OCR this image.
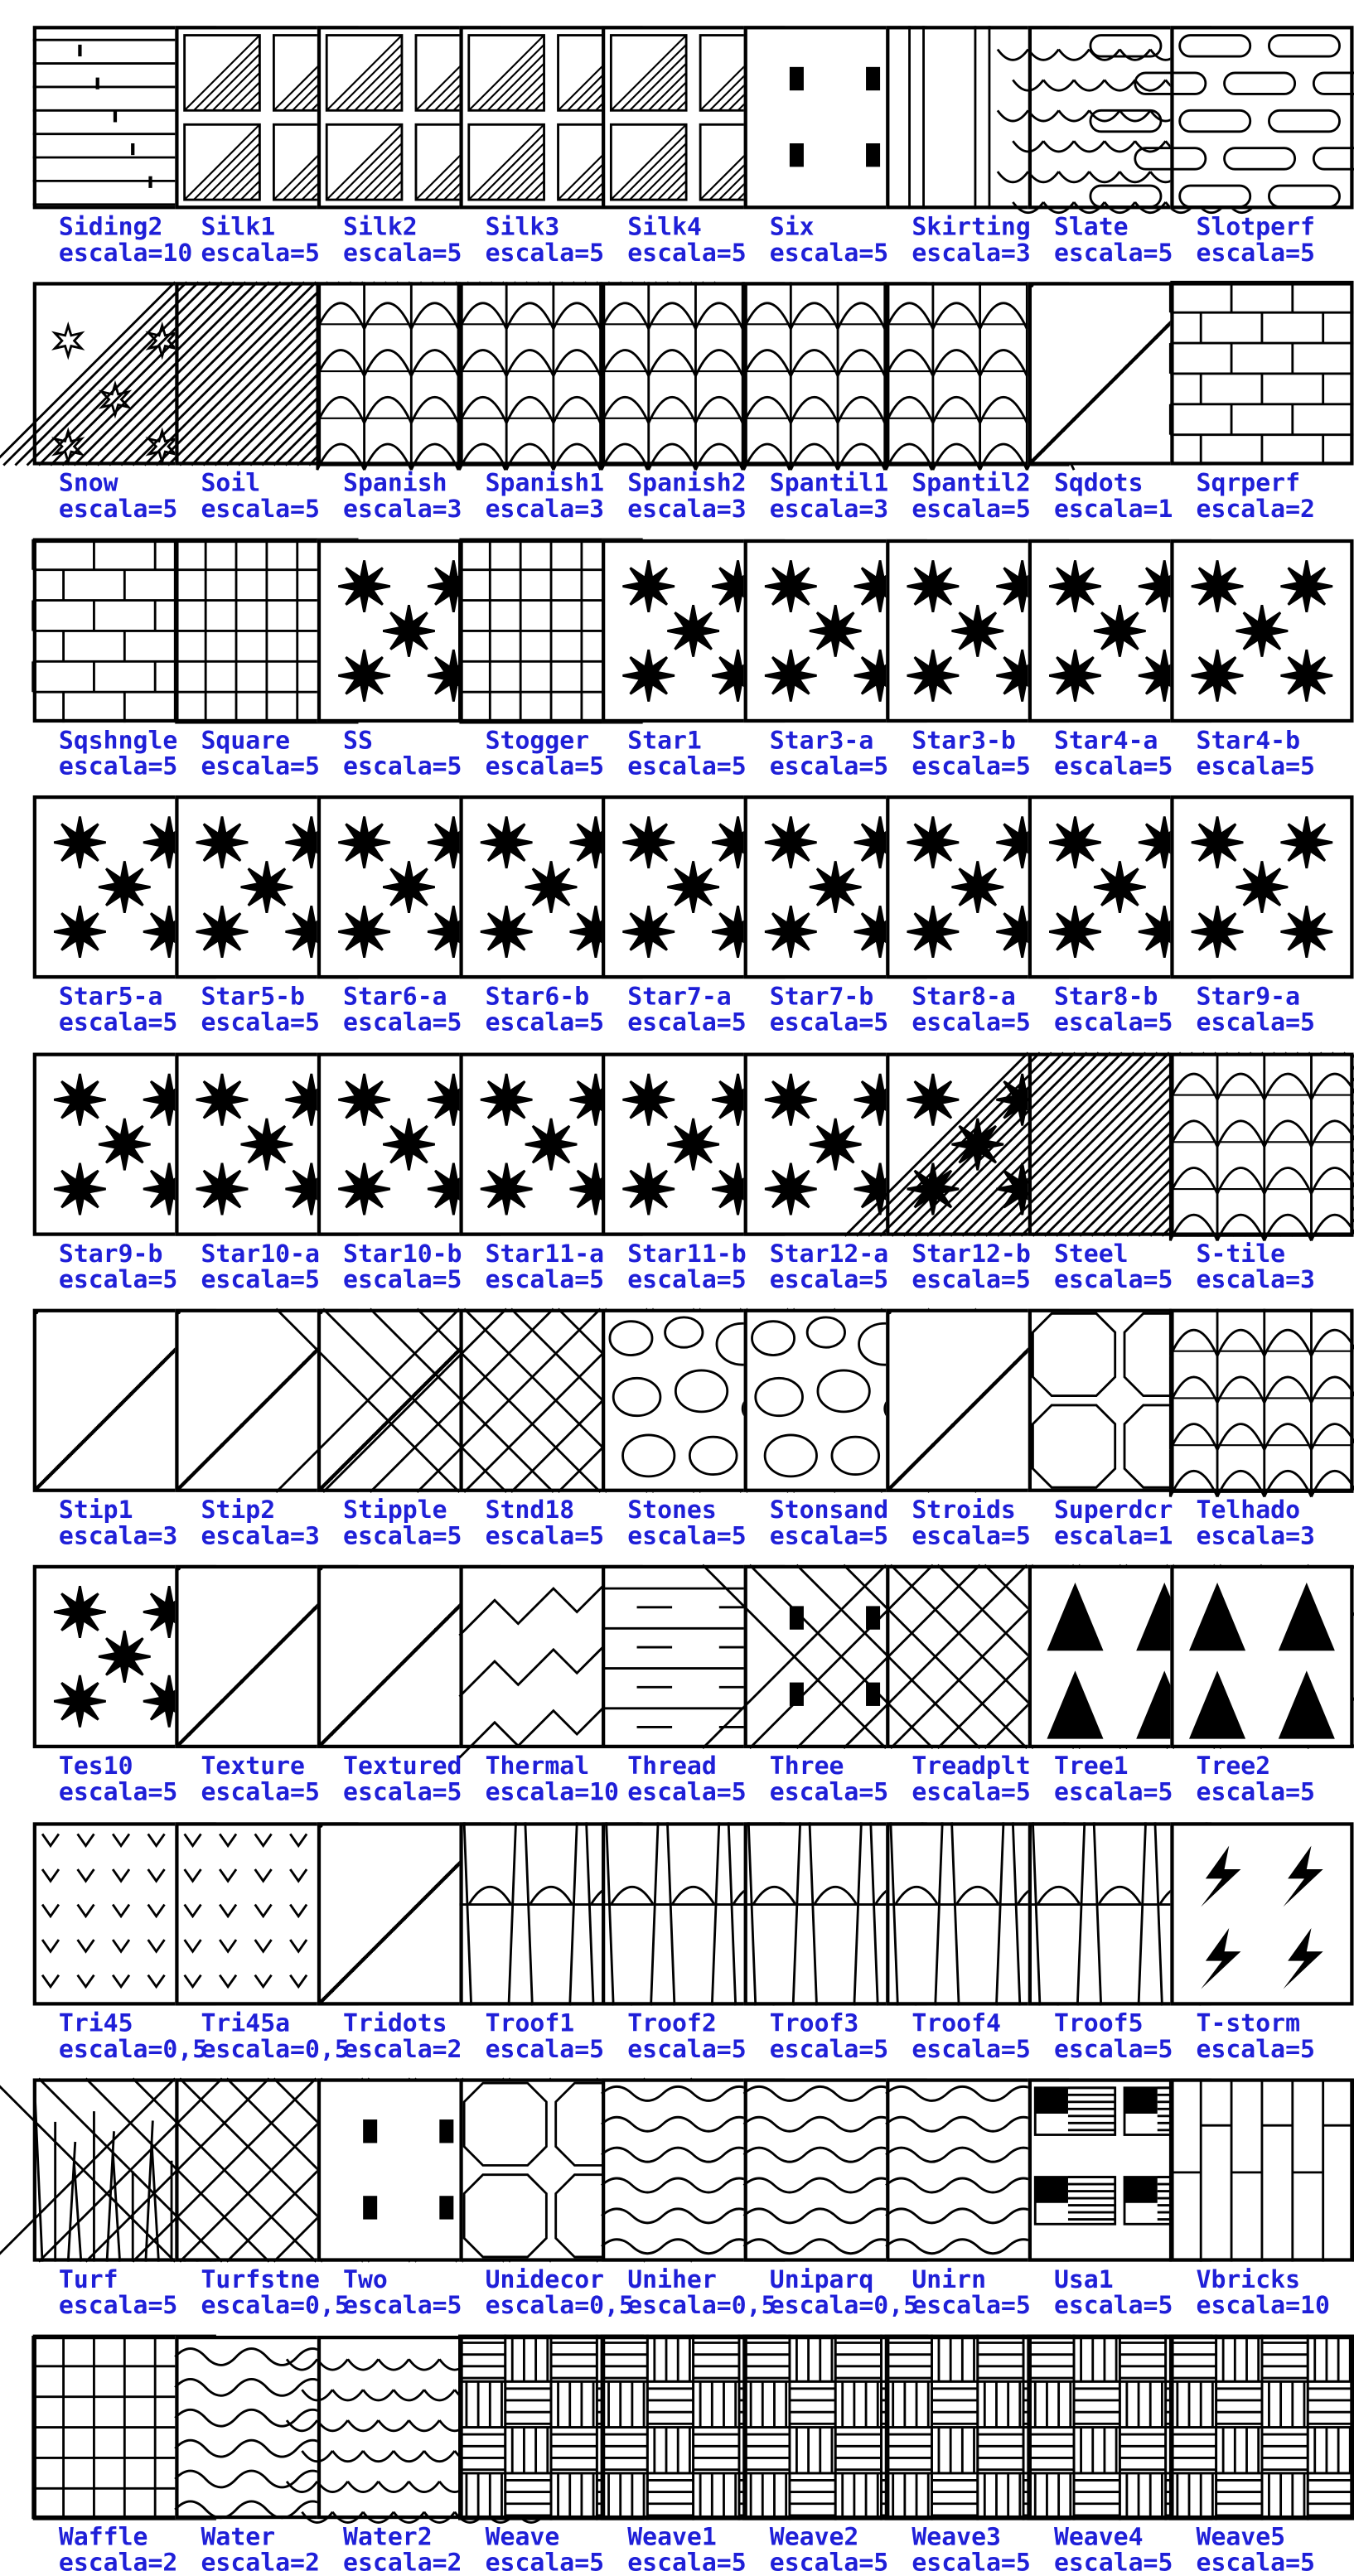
Siding2
escala=10
Silk1
escala=5
Silk2
escala=5
Silk3
escala=5
Silk4
escala=5
Six
escala=5
Skirting
escala=3
Slate
escala=5
Slotperf
escala=5
Snow
escala=5
Soil
escala=5
Spanish
escala=3
Spanish1
escala=3
Spanish2
escala=3
Spantil1
escala=3
Spantil2
escala=5
Sqdots
escala=1
Sqrperf
escala=2
Sqshngle
escala=5
Square
escala=5
SS
escala=5
Stogger
escala=5
Star1
escala=5
Star3-a
escala=5
Star3-b
escala=5
Star4-a
escala=5
Star4-b
escala=5
Star5-a
escala=5
Star5-b
escala=5
Star6-a
escala=5
Star6-b
escala=5
Star7-a
escala=5
Star7-b
escala=5
Star8-a
escala=5
Star8-b
escala=5
Star9-a
escala=5
Star9-b
escala=5
Star10-a
escala=5
Star10-b
escala=5
Star11-a
escala=5
Star11-b
escala=5
Star12-a
escala=5
Star12-b
escala=5
Steel
escala=5
S-tile
escala=3
Stip1
escala=3
Stip2
escala=3
Stipple
escala=5
Stnd18
escala=5
Stones
escala=5
Stonsand
escala=5
Stroids
escala=5
Superdcr
escala=1
Telhado
escala=3
Tes10
escala=5
Texture
escala=5
Textured
escala=5
Thermal
escala=10
Thread
escala=5
Three
escala=5
Treadplt
escala=5
Tree1
escala=5
Tree2
escala=5
Tri45
escala=0,5
Tri45a
escala=0,5
Tridots
escala=2
Troof1
escala=5
Troof2
escala=5
Troof3
escala=5
Troof4
escala=5
Troof5
escala=5
T-storm
escala=5
Turf
escala=5
Turfstne
escala=0,5
Two
escala=5
Unidecor
escala=0,5
Uniher
escala=0,5
Uniparq
escala=0,5
Unirn
escala=5
Usa1
escala=5
Vbricks
escala=10
Waffle
escala=2
Water
escala=2
Water2
escala=2
Weave
escala=5
Weave1
escala=5
Weave2
escala=5
Weave3
escala=5
Weave4
escala=5
Weave5
escala=5
